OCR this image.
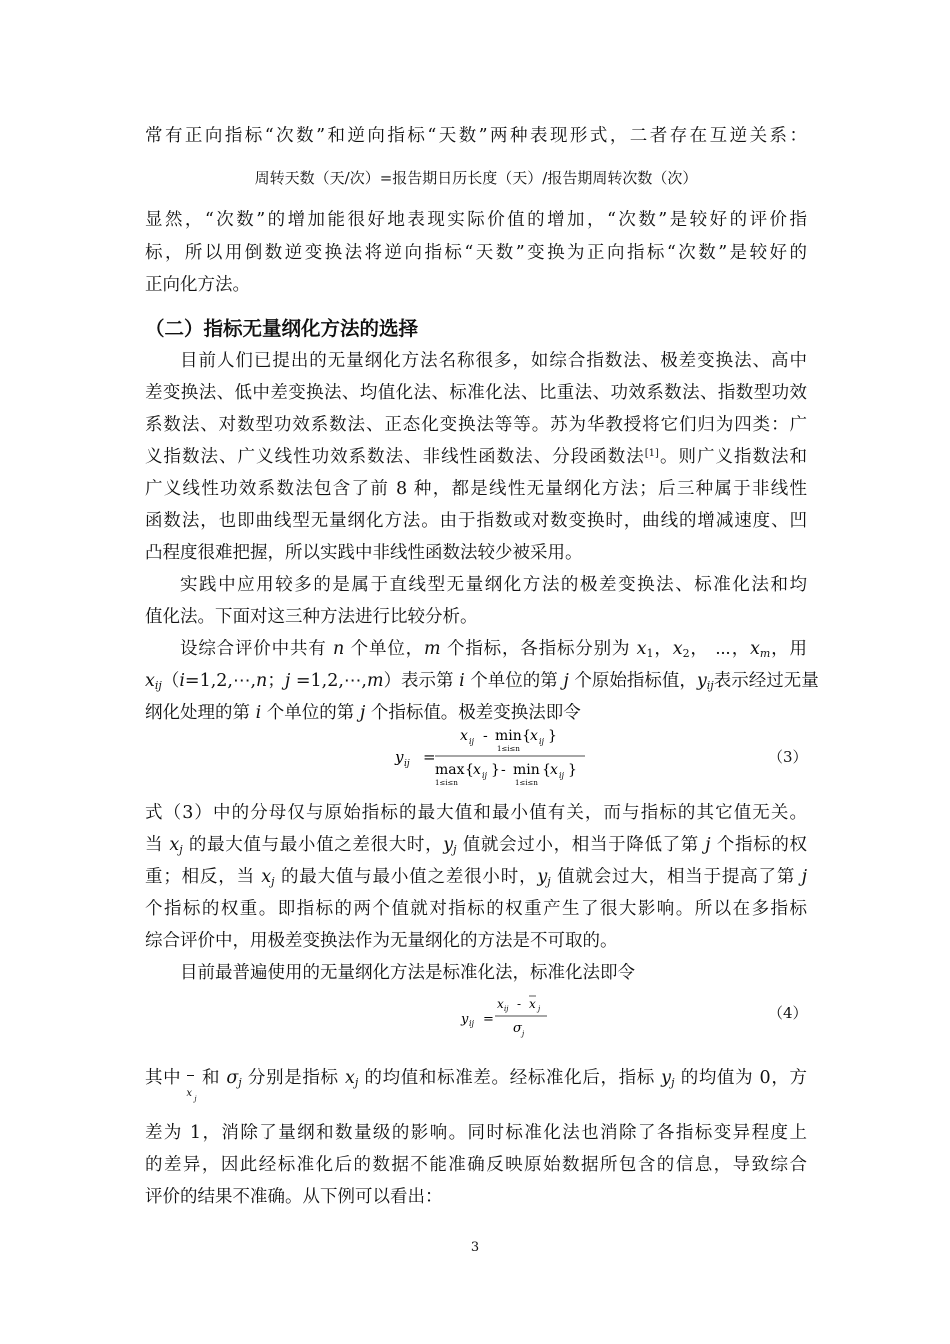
常有正向指标“次数”和逆向指标“天数”两种表现形式，二者存在互逆关系：
周转天数（天/次）=报告期日历长度（天）/报告期周转次数（次）
显然，“次数”的增加能很好地表现实际价值的增加，“次数”是较好的评价指
标，所以用倒数逆变换法将逆向指标“天数”变换为正向指标“次数”是较好的
正向化方法。
（二）指标无量纲化方法的选择
目前人们已提出的无量纲化方法名称很多，如综合指数法、极差变换法、高中
差变换法、低中差变换法、均值化法、标准化法、比重法、功效系数法、指数型功效
系数法、对数型功效系数法、正态化变换法等等。苏为华教授将它们归为四类：广
义指数法、广义线性功效系数法、非线性函数法、分段函数法[1]。则广义指数法和
广义线性功效系数法包含了前 8 种，都是线性无量纲化方法；后三种属于非线性
函数法，也即曲线型无量纲化方法。由于指数或对数变换时，曲线的增减速度、凹
凸程度很难把握，所以实践中非线性函数法较少被采用。
实践中应用较多的是属于直线型无量纲化方法的极差变换法、标准化法和均
值化法。下面对这三种方法进行比较分析。
设综合评价中共有 n 个单位，m 个指标，各指标分别为 $x_1$，$x_2$， ⋯，$x_m$，用
$x_{ij}(i=1,2,\cdots,n$；j =1,2,⋯,m）表示第 i 个单位的第 j 个原始指标值，$y_{ij}$表示经过无量
纲化处理的第 i 个单位的第 j 个指标值。极差变换法即令
y ij =
x ij - min { x ij }
1≤i≤n
max
1≤i≤n
{ x ij } - min
1≤i≤n
{ x ij }
（3）
式（3）中的分母仅与原始指标的最大值和最小值有关，而与指标的其它值无关。
当 $x_j$ 的最大值与最小值之差很大时，$y_j$ 值就会过小，相当于降低了第 j 个指标的权
重；相反，当 $x_j$ 的最大值与最小值之差很小时，$y_j$ 值就会过大，相当于提高了第 j
个指标的权重。即指标的两个值就对指标的权重产生了很大影响。所以在多指标
综合评价中，用极差变换法作为无量纲化的方法是不可取的。
目前最普遍使用的无量纲化方法是标准化法，标准化法即令
y ij =
x ij - x j
σ j
（4）
其中
x j
和 $\sigma_j$ 分别是指标 $x_j$ 的均值和标准差。经标准化后，指标 $y_j$ 的均值为 0，方
差为 1，消除了量纲和数量级的影响。同时标准化法也消除了各指标变异程度上
的差异，因此经标准化后的数据不能准确反映原始数据所包含的信息，导致综合
评价的结果不准确。从下例可以看出：
3
